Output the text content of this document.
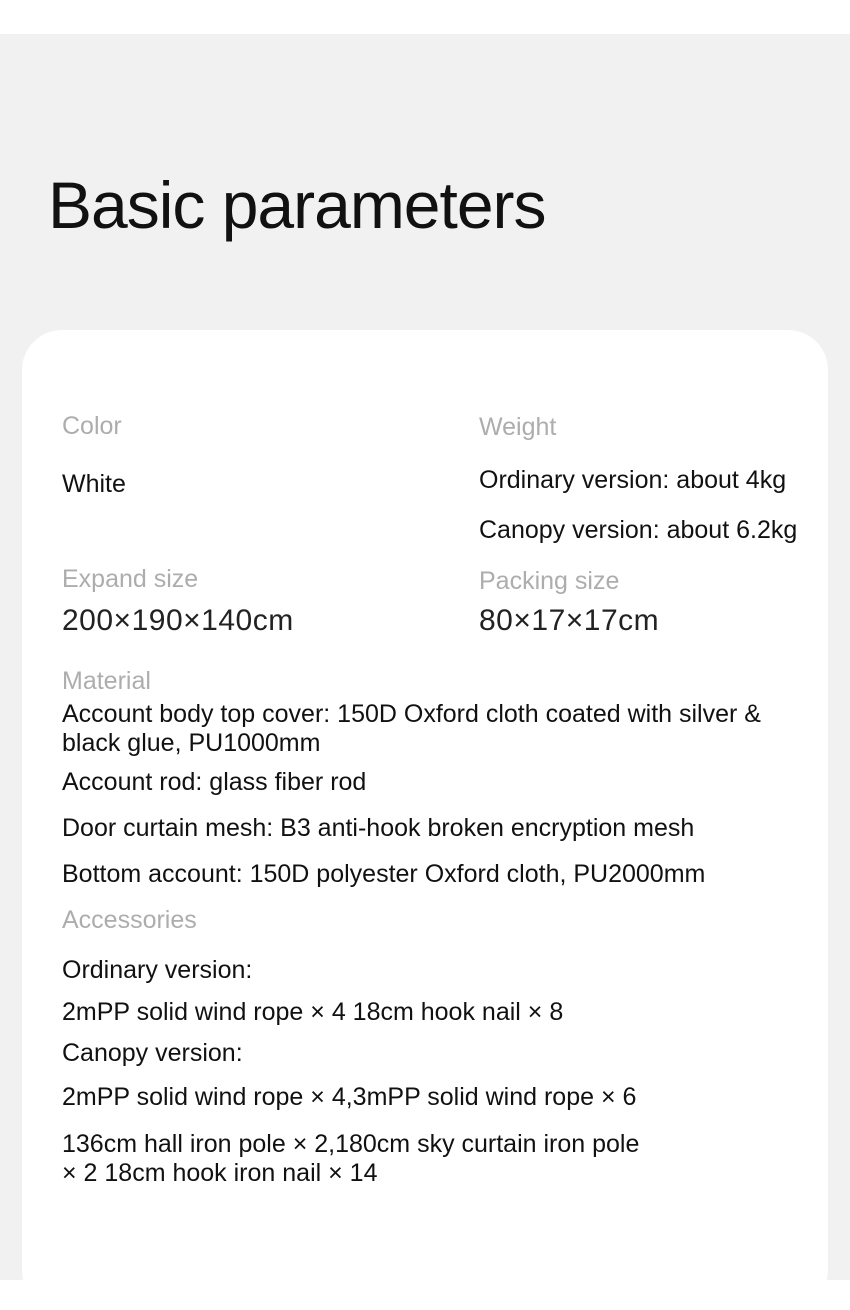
Basic parameters
Color
White
Weight
Ordinary version: about 4kg
Canopy version: about 6.2kg
Expand size
200×190×140cm
Packing size
80×17×17cm
Material
Account body top cover: 150D Oxford cloth coated with silver & black glue, PU1000mm
Account rod: glass fiber rod
Door curtain mesh: B3 anti-hook broken encryption mesh
Bottom account: 150D polyester Oxford cloth, PU2000mm
Accessories
Ordinary version:
2mPP solid wind rope × 4 18cm hook nail × 8
Canopy version:
2mPP solid wind rope × 4,3mPP solid wind rope × 6
136cm hall iron pole × 2,180cm sky curtain iron pole × 2 18cm hook iron nail × 14
